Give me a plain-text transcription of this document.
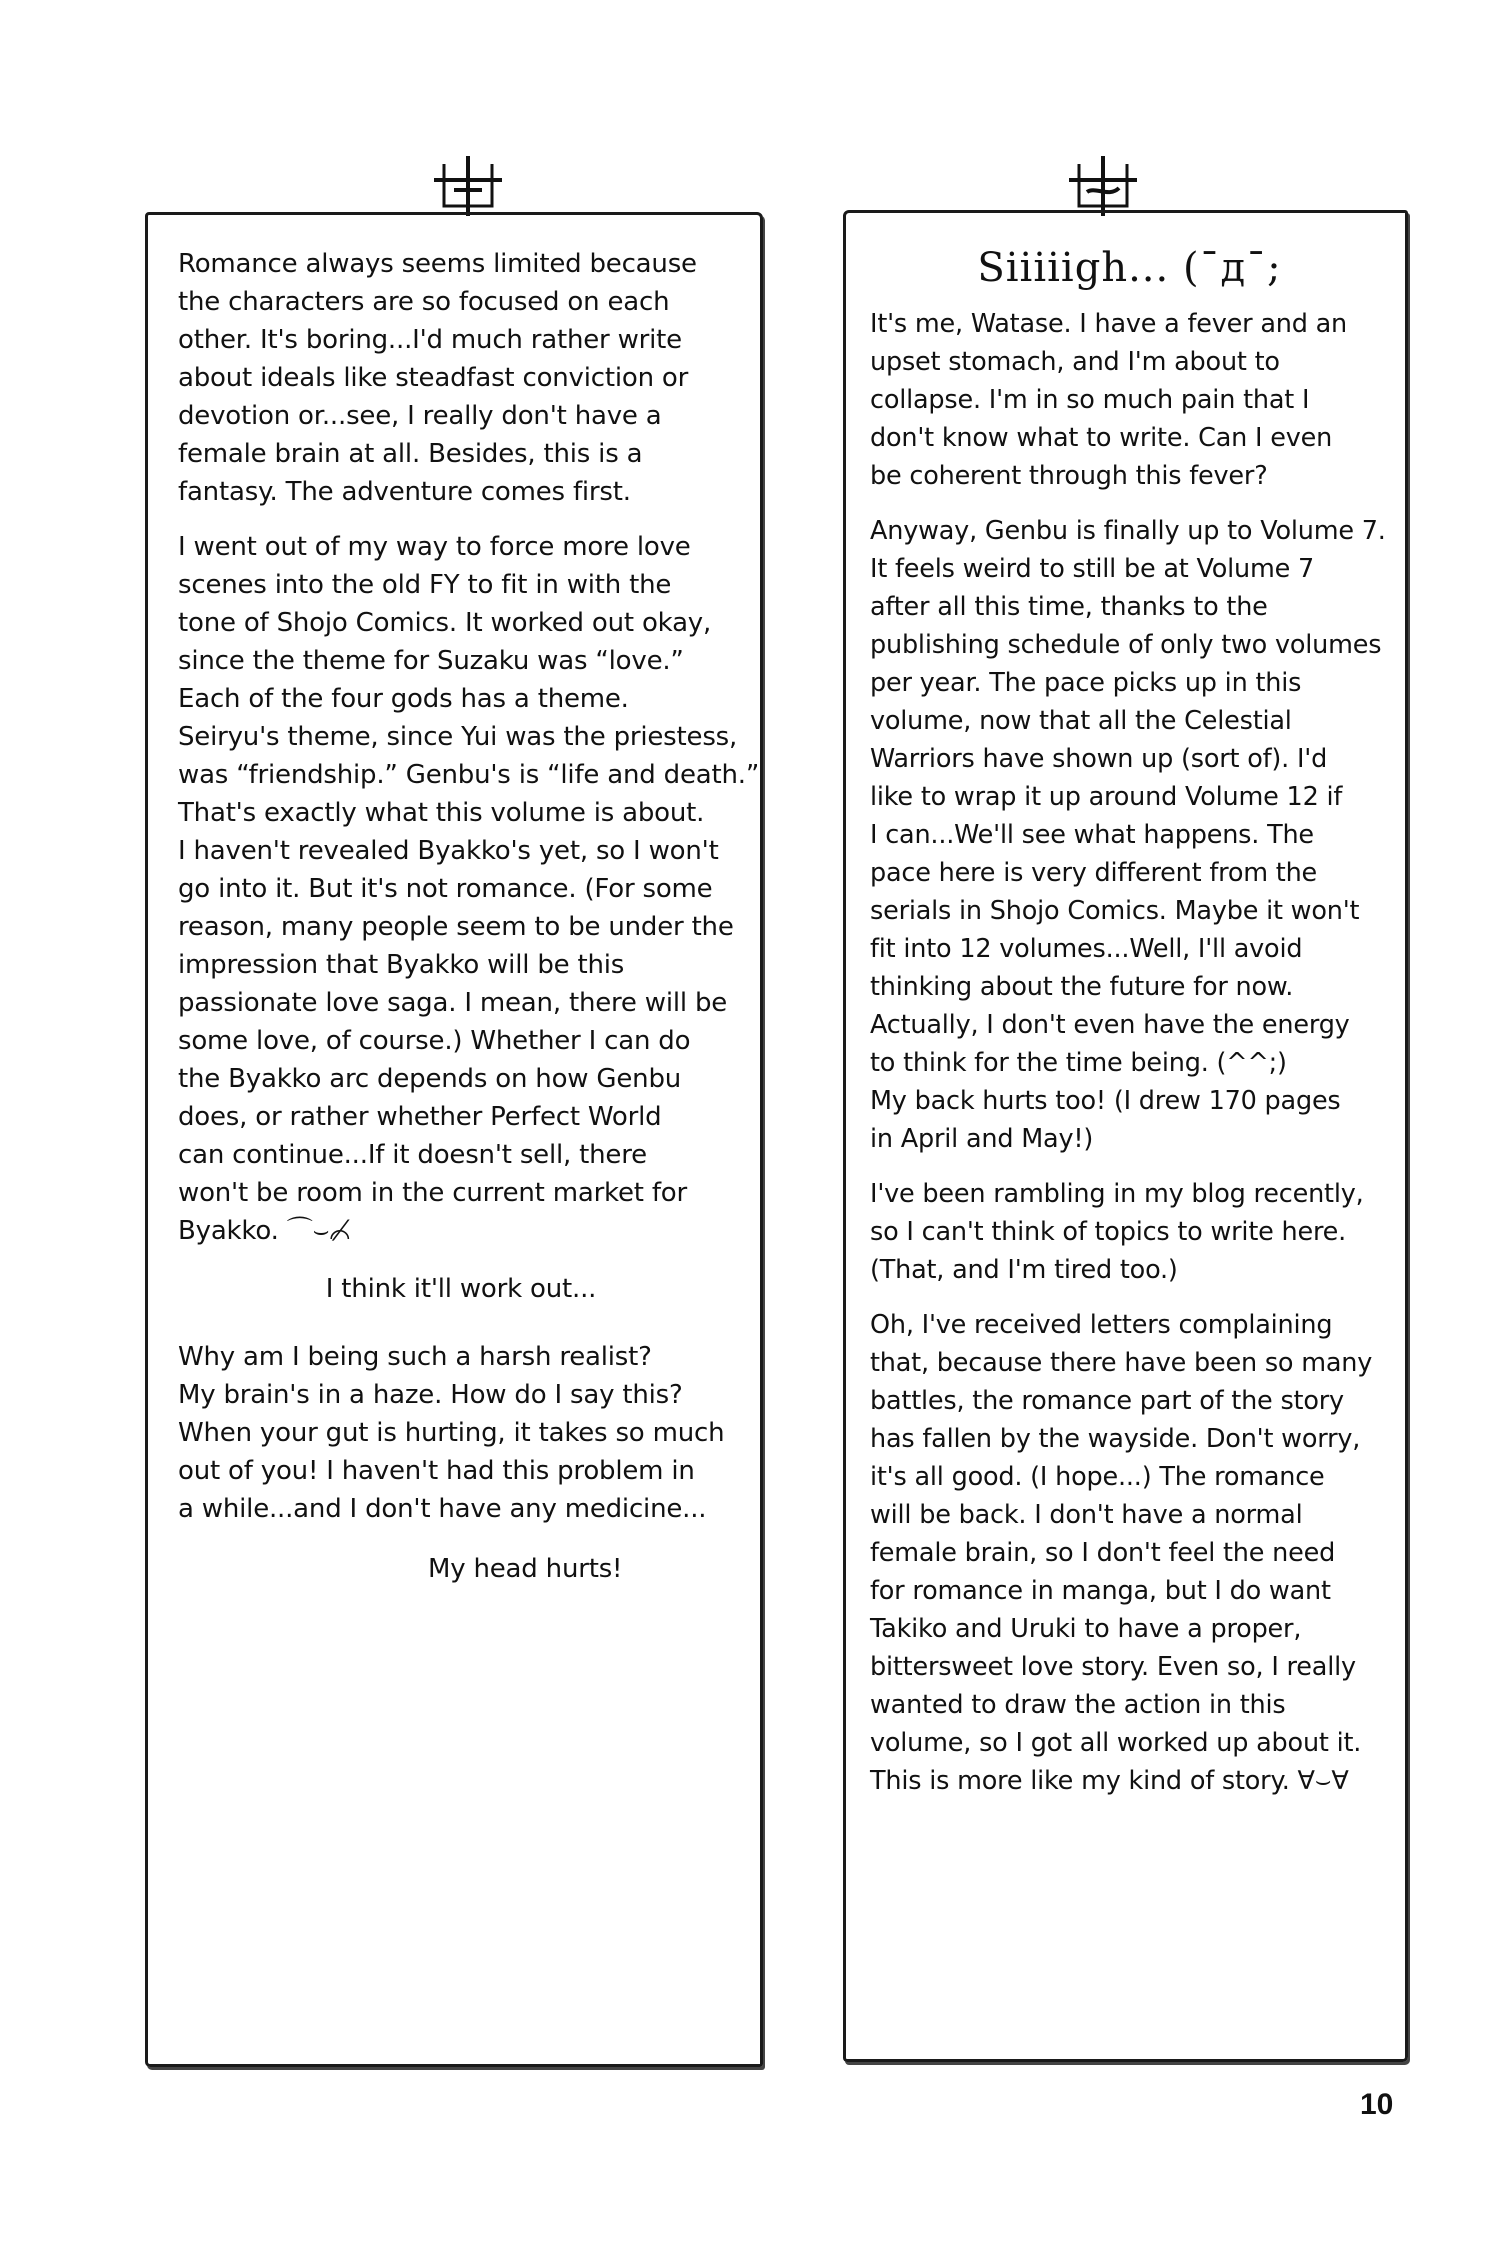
Romance always seems limited because
the characters are so focused on each
other. It's boring...I'd much rather write
about ideals like steadfast conviction or
devotion or...see, I really don't have a
female brain at all. Besides, this is a
fantasy. The adventure comes first.

I went out of my way to force more love
scenes into the old FY to fit in with the
tone of Shojo Comics. It worked out okay,
since the theme for Suzaku was “love.”
Each of the four gods has a theme.
Seiryu's theme, since Yui was the priestess,
was “friendship.” Genbu's is “life and death.”
That's exactly what this volume is about.
I haven't revealed Byakko's yet, so I won't
go into it. But it's not romance. (For some
reason, many people seem to be under the
impression that Byakko will be this
passionate love saga. I mean, there will be
some love, of course.) Whether I can do
the Byakko arc depends on how Genbu
does, or rather whether Perfect World
can continue...If it doesn't sell, there
won't be room in the current market for
Byakko. ⌒⌣⌒̸

I think it'll work out...

Why am I being such a harsh realist?
My brain's in a haze. How do I say this?
When your gut is hurting, it takes so much
out of you! I haven't had this problem in
a while...and I don't have any medicine...

My head hurts!

Siiiiigh... (¯д¯;

It's me, Watase. I have a fever and an
upset stomach, and I'm about to
collapse. I'm in so much pain that I
don't know what to write. Can I even
be coherent through this fever?

Anyway, Genbu is finally up to Volume 7.
It feels weird to still be at Volume 7
after all this time, thanks to the
publishing schedule of only two volumes
per year. The pace picks up in this
volume, now that all the Celestial
Warriors have shown up (sort of). I'd
like to wrap it up around Volume 12 if
I can...We'll see what happens. The
pace here is very different from the
serials in Shojo Comics. Maybe it won't
fit into 12 volumes...Well, I'll avoid
thinking about the future for now.
Actually, I don't even have the energy
to think for the time being. (^^;)
My back hurts too! (I drew 170 pages
in April and May!)

I've been rambling in my blog recently,
so I can't think of topics to write here.
(That, and I'm tired too.)

Oh, I've received letters complaining
that, because there have been so many
battles, the romance part of the story
has fallen by the wayside. Don't worry,
it's all good. (I hope...) The romance
will be back. I don't have a normal
female brain, so I don't feel the need
for romance in manga, but I do want
Takiko and Uruki to have a proper,
bittersweet love story. Even so, I really
wanted to draw the action in this
volume, so I got all worked up about it.
This is more like my kind of story. ∀⌣∀

10
